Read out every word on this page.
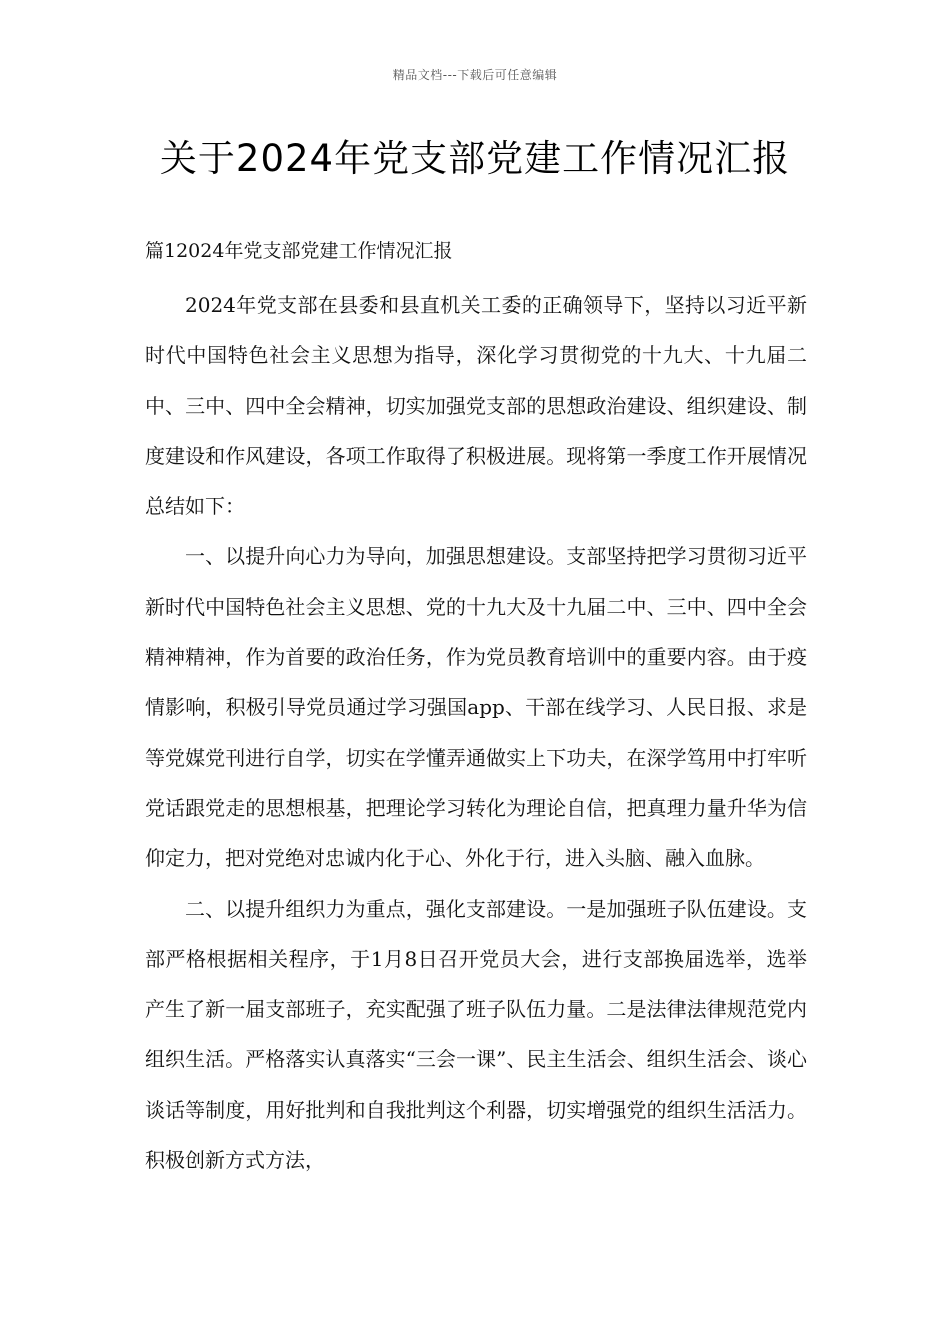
精品文档---下载后可任意编辑
关于2024年党支部党建工作情况汇报
篇12024年党支部党建工作情况汇报

2024年党支部在县委和县直机关工委的正确领导下，坚持以习近平新时代中国特色社会主义思想为指导，深化学习贯彻党的十九大、十九届二中、三中、四中全会精神，切实加强党支部的思想政治建设、组织建设、制度建设和作风建设，各项工作取得了积极进展。现将第一季度工作开展情况总结如下：

一、以提升向心力为导向，加强思想建设。支部坚持把学习贯彻习近平新时代中国特色社会主义思想、党的十九大及十九届二中、三中、四中全会精神精神，作为首要的政治任务，作为党员教育培训中的重要内容。由于疫情影响，积极引导党员通过学习强国app、干部在线学习、人民日报、求是等党媒党刊进行自学，切实在学懂弄通做实上下功夫，在深学笃用中打牢听党话跟党走的思想根基，把理论学习转化为理论自信，把真理力量升华为信仰定力，把对党绝对忠诚内化于心、外化于行，进入头脑、融入血脉。

二、以提升组织力为重点，强化支部建设。一是加强班子队伍建设。支部严格根据相关程序，于1月8日召开党员大会，进行支部换届选举，选举产生了新一届支部班子，充实配强了班子队伍力量。二是法律法律规范党内组织生活。严格落实认真落实“三会一课”、民主生活会、组织生活会、谈心谈话等制度，用好批判和自我批判这个利器，切实增强党的组织生活活力。积极创新方式方法，
